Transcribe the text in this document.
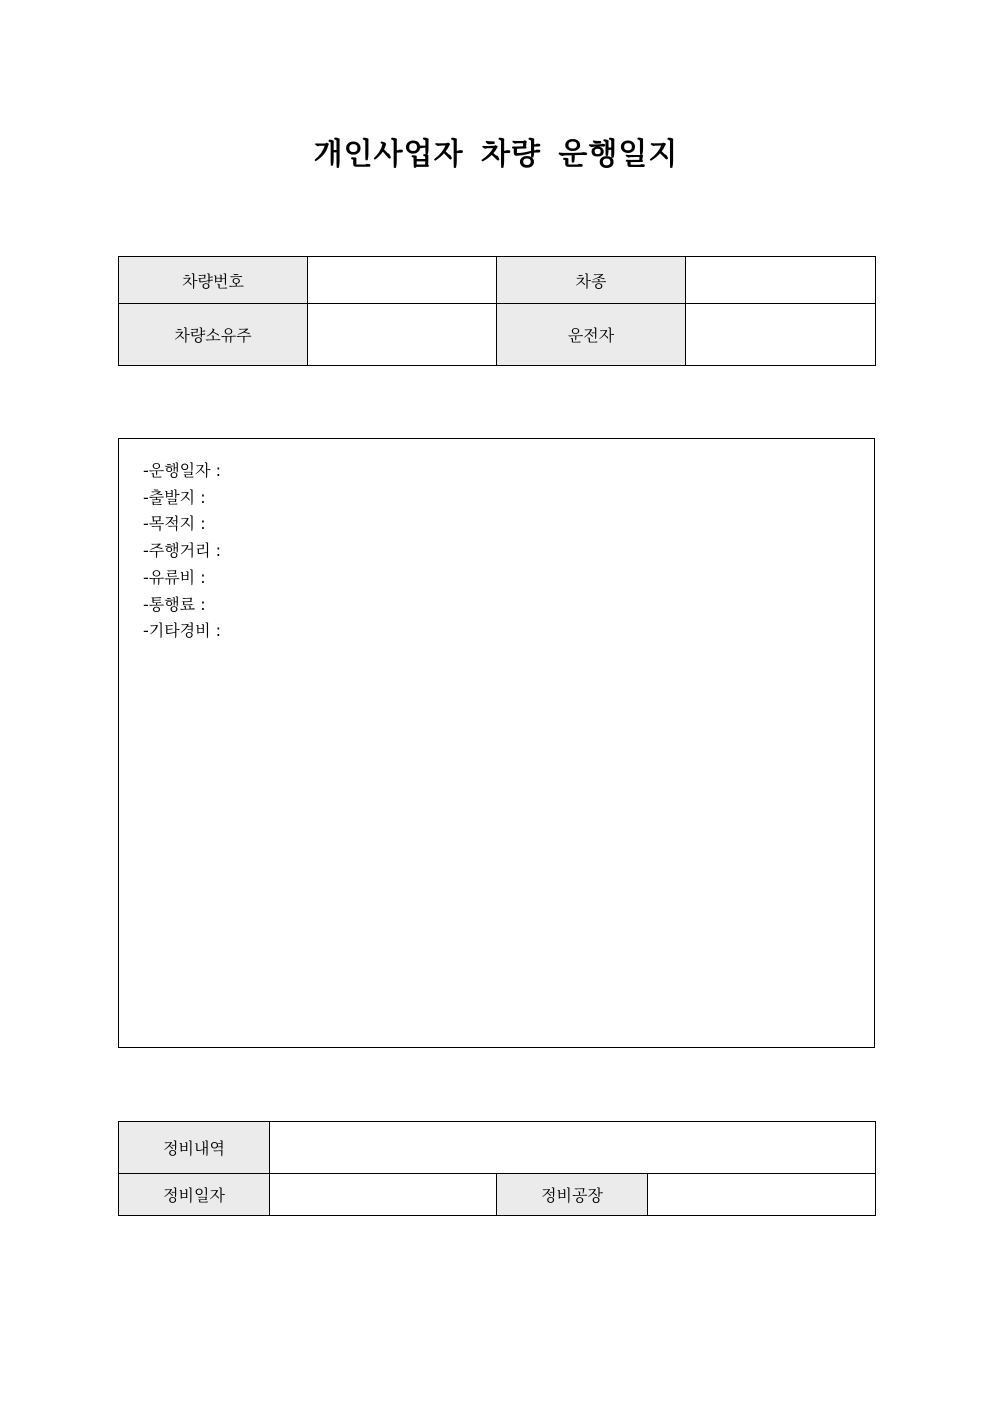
개인사업자 차량 운행일지
차량번호		차종	
차량소유주		운전자	
-운행일자 :
-출발지 :
-목적지 :
-주행거리 :
-유류비 :
-통행료 :
-기타경비 :
정비내역			
정비일자		정비공장	
